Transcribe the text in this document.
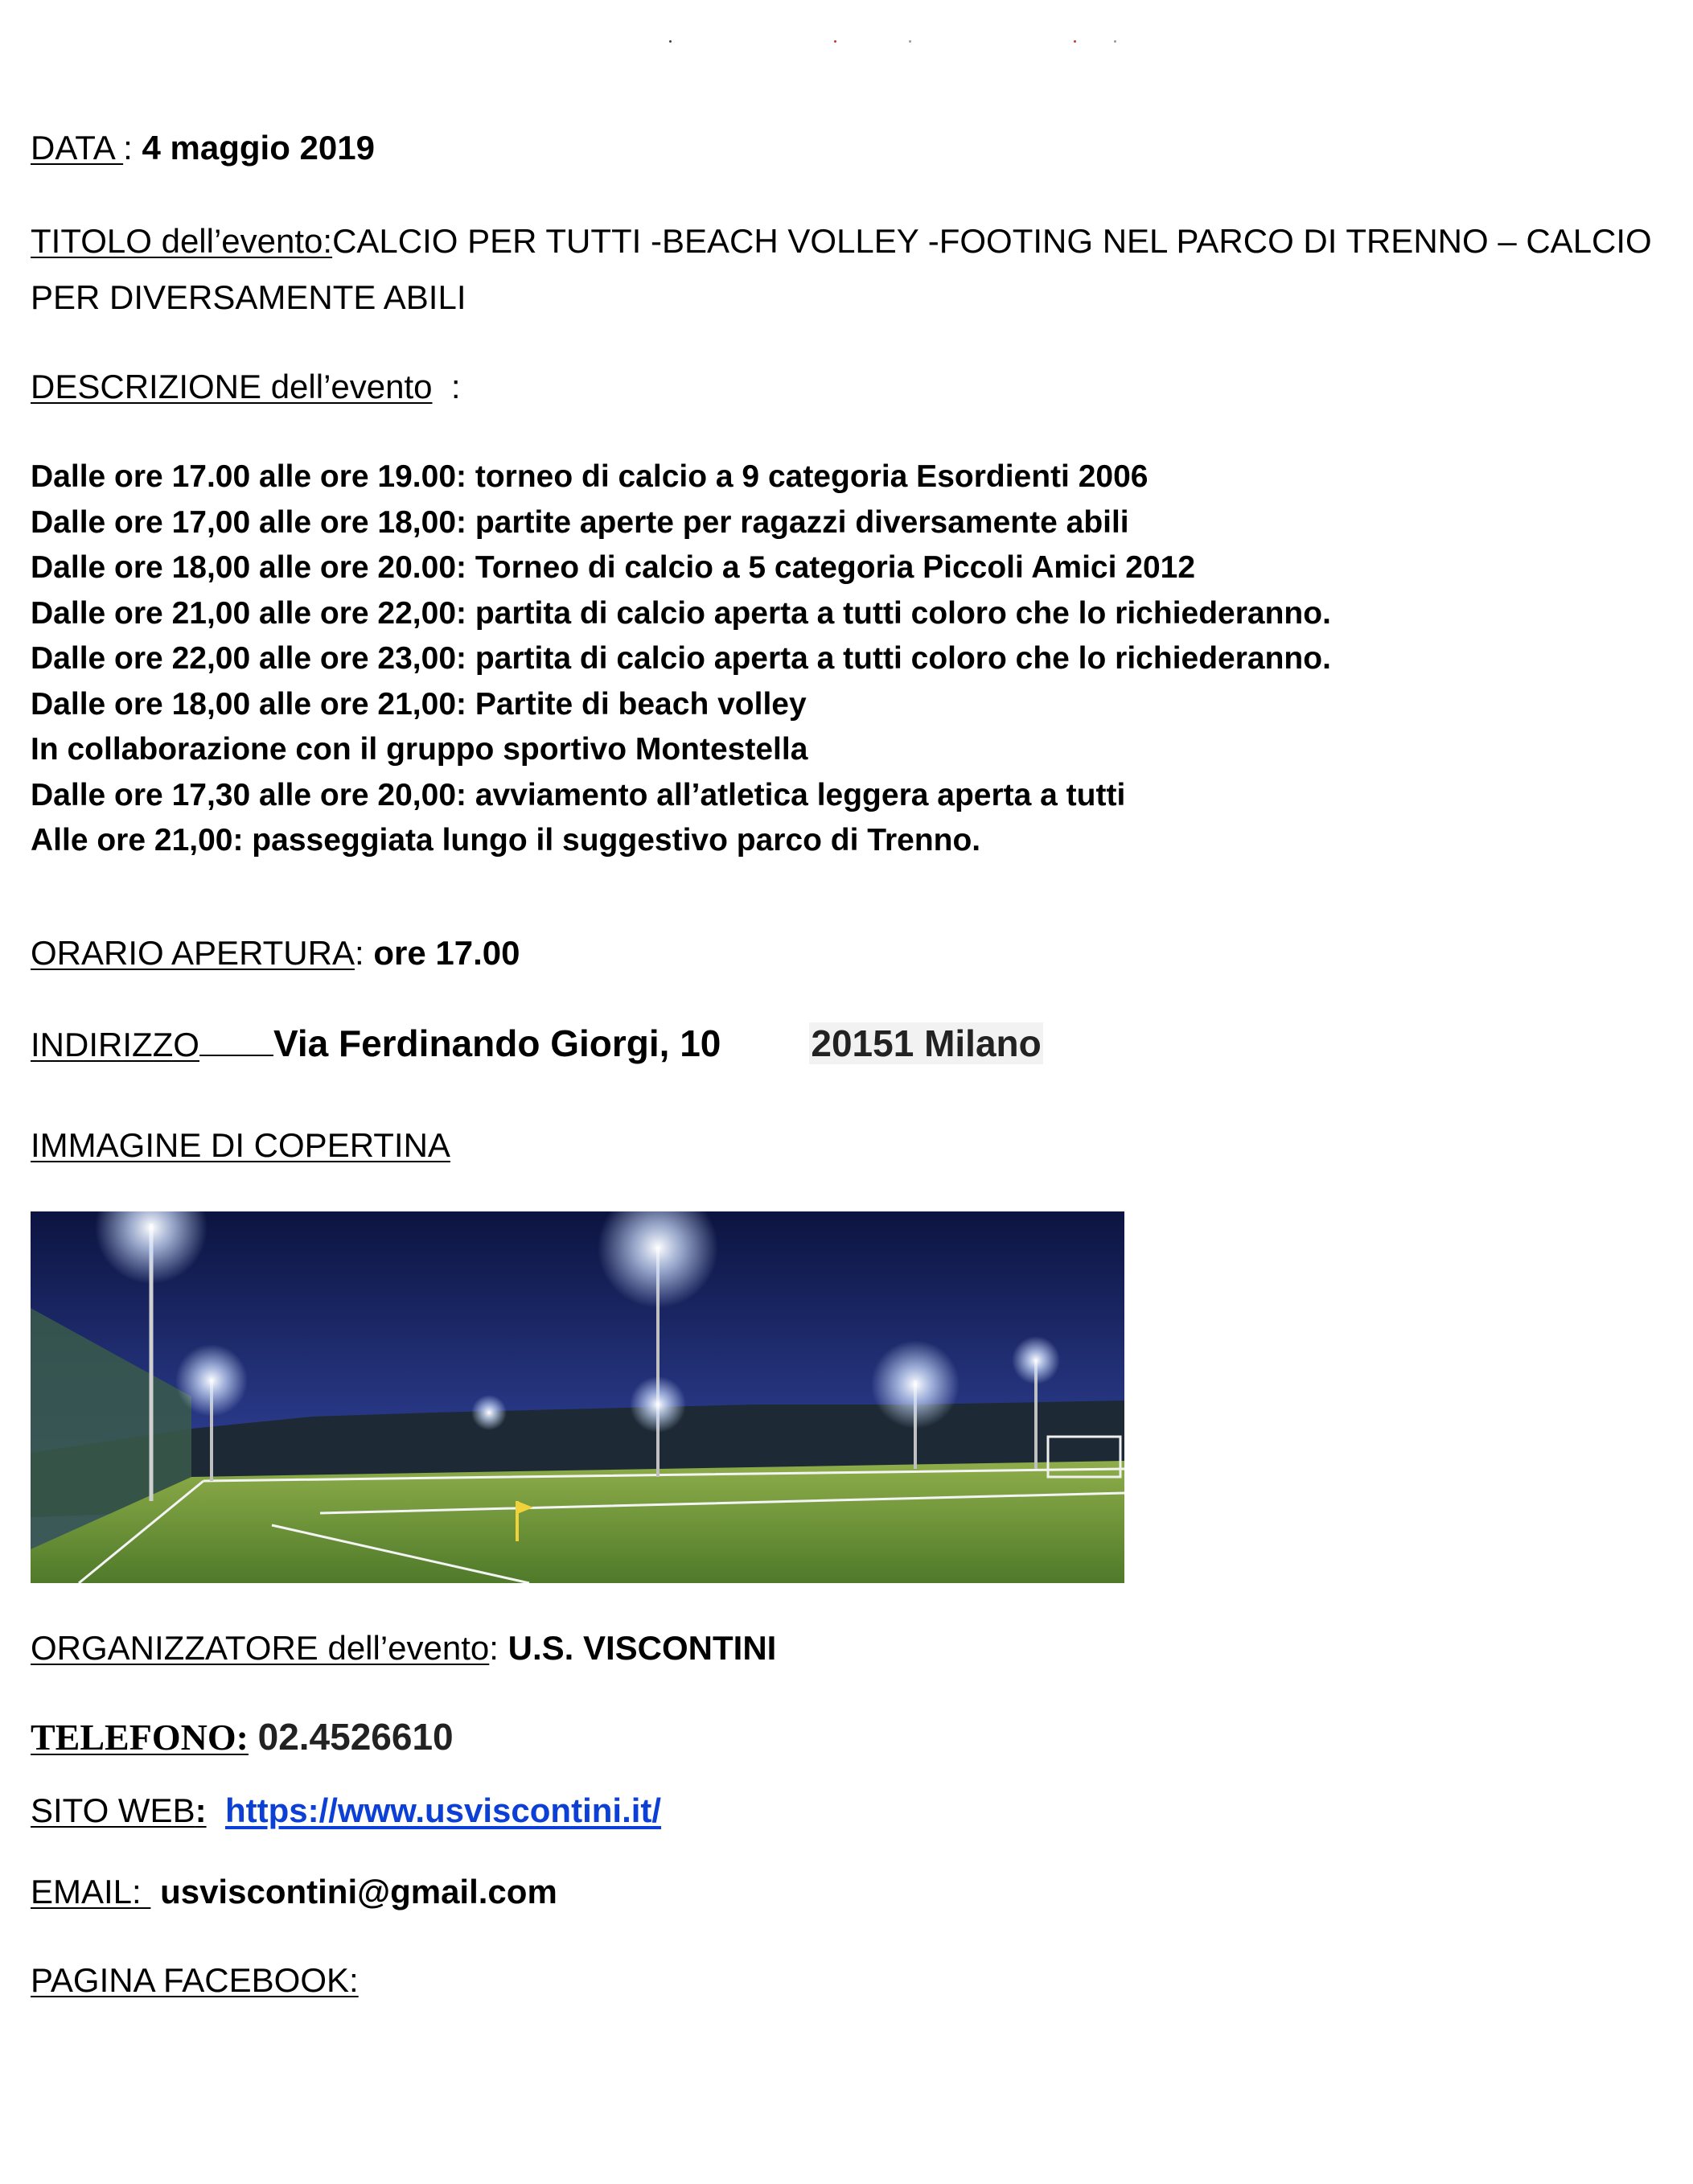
DATA : 4 maggio 2019
TITOLO dell’evento:CALCIO PER TUTTI -BEACH VOLLEY -FOOTING NEL PARCO DI TRENNO – CALCIO PER DIVERSAMENTE ABILI
DESCRIZIONE dell’evento  :
Dalle ore 17.00 alle ore 19.00: torneo di calcio a 9 categoria Esordienti 2006
Dalle ore 17,00 alle ore 18,00: partite aperte per ragazzi diversamente abili
Dalle ore 18,00 alle ore 20.00: Torneo di calcio a 5 categoria Piccoli Amici 2012
Dalle ore 21,00 alle ore 22,00: partita di calcio aperta a tutti coloro che lo richiederanno.
Dalle ore 22,00 alle ore 23,00: partita di calcio aperta a tutti coloro che lo richiederanno.
Dalle ore 18,00 alle ore 21,00: Partite di beach volley
In collaborazione con il gruppo sportivo Montestella
Dalle ore 17,30 alle ore 20,00: avviamento all’atletica leggera aperta a tutti
Alle ore 21,00: passeggiata lungo il suggestivo parco di Trenno.
ORARIO APERTURA: ore 17.00
INDIRIZZO Via Ferdinando Giorgi, 10 20151 Milano
IMMAGINE DI COPERTINA
ORGANIZZATORE dell’evento: U.S. VISCONTINI
TELEFONO: 02.4526610
SITO WEB: https://www.usviscontini.it/
EMAIL:  usviscontini@gmail.com
PAGINA FACEBOOK:
